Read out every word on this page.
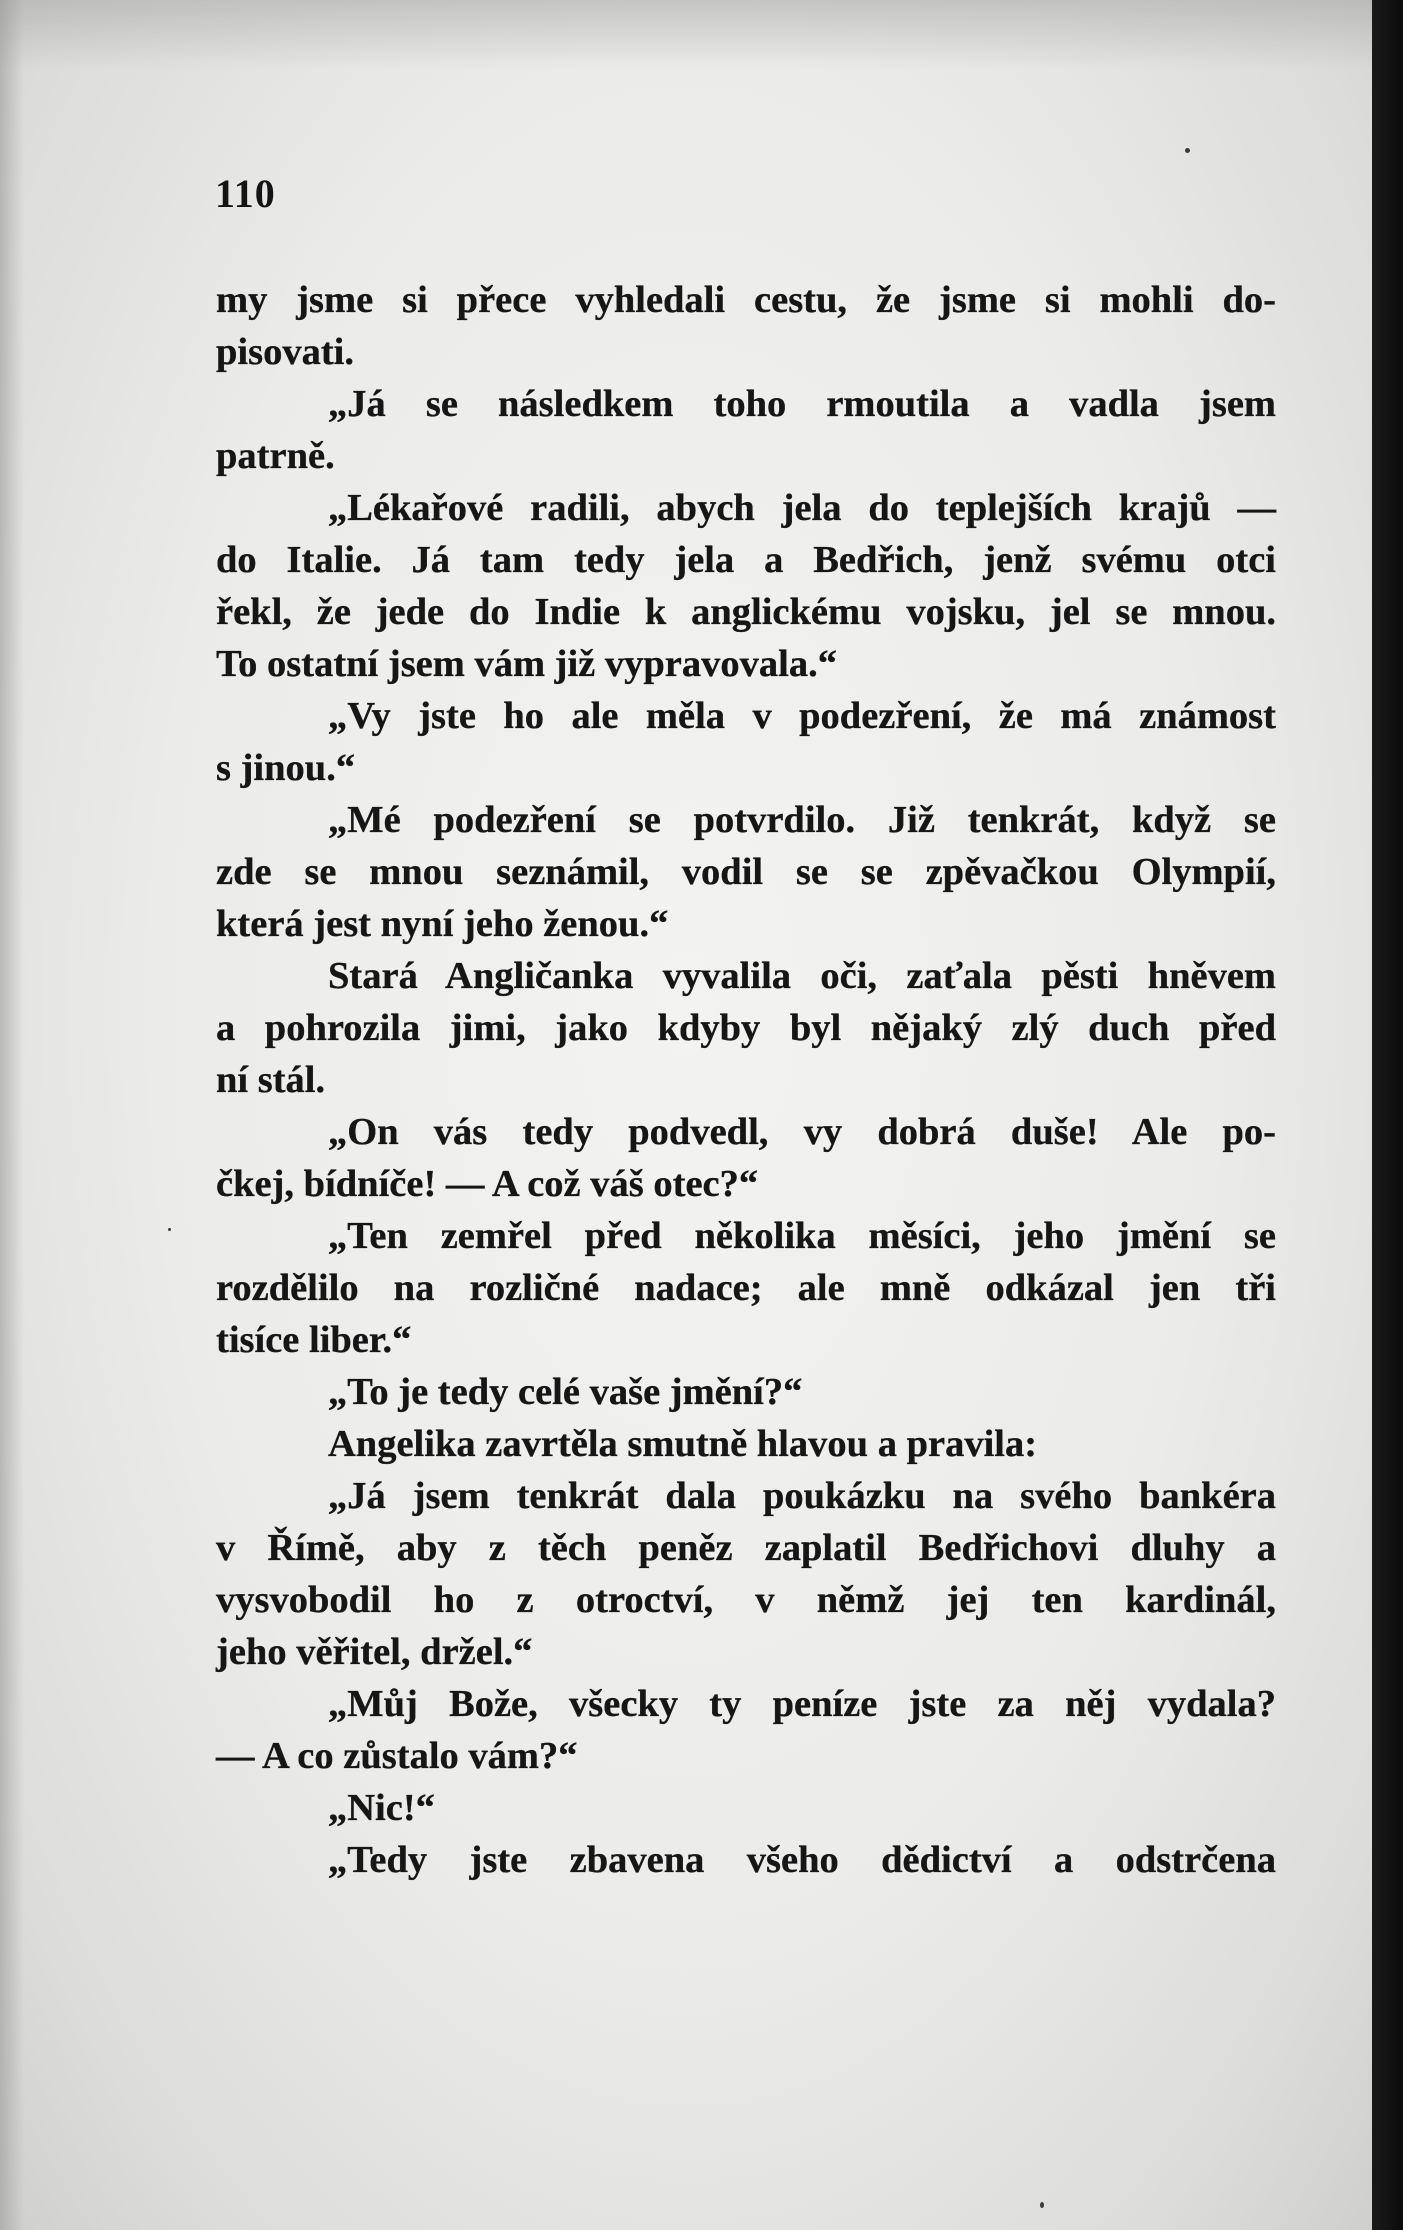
110
my jsme si přece vyhledali cestu, že jsme si mohli do-
pisovati.
„Já se následkem toho rmoutila a vadla jsem
patrně.
„Lékařové radili, abych jela do teplejších krajů —
do Italie. Já tam tedy jela a Bedřich, jenž svému otci
řekl, že jede do Indie k anglickému vojsku, jel se mnou.
To ostatní jsem vám již vypravovala.“
„Vy jste ho ale měla v podezření, že má známost
s jinou.“
„Mé podezření se potvrdilo. Již tenkrát, když se
zde se mnou seznámil, vodil se se zpěvačkou Olympií,
která jest nyní jeho ženou.“
Stará Angličanka vyvalila oči, zaťala pěsti hněvem
a pohrozila jimi, jako kdyby byl nějaký zlý duch před
ní stál.
„On vás tedy podvedl, vy dobrá duše! Ale po-
čkej, bídníče! — A což váš otec?“
„Ten zemřel před několika měsíci, jeho jmění se
rozdělilo na rozličné nadace; ale mně odkázal jen tři
tisíce liber.“
„To je tedy celé vaše jmění?“
Angelika zavrtěla smutně hlavou a pravila:
„Já jsem tenkrát dala poukázku na svého bankéra
v Římě, aby z těch peněz zaplatil Bedřichovi dluhy a
vysvobodil ho z otroctví, v němž jej ten kardinál,
jeho věřitel, držel.“
„Můj Bože, všecky ty peníze jste za něj vydala?
— A co zůstalo vám?“
„Nic!“
„Tedy jste zbavena všeho dědictví a odstrčena
